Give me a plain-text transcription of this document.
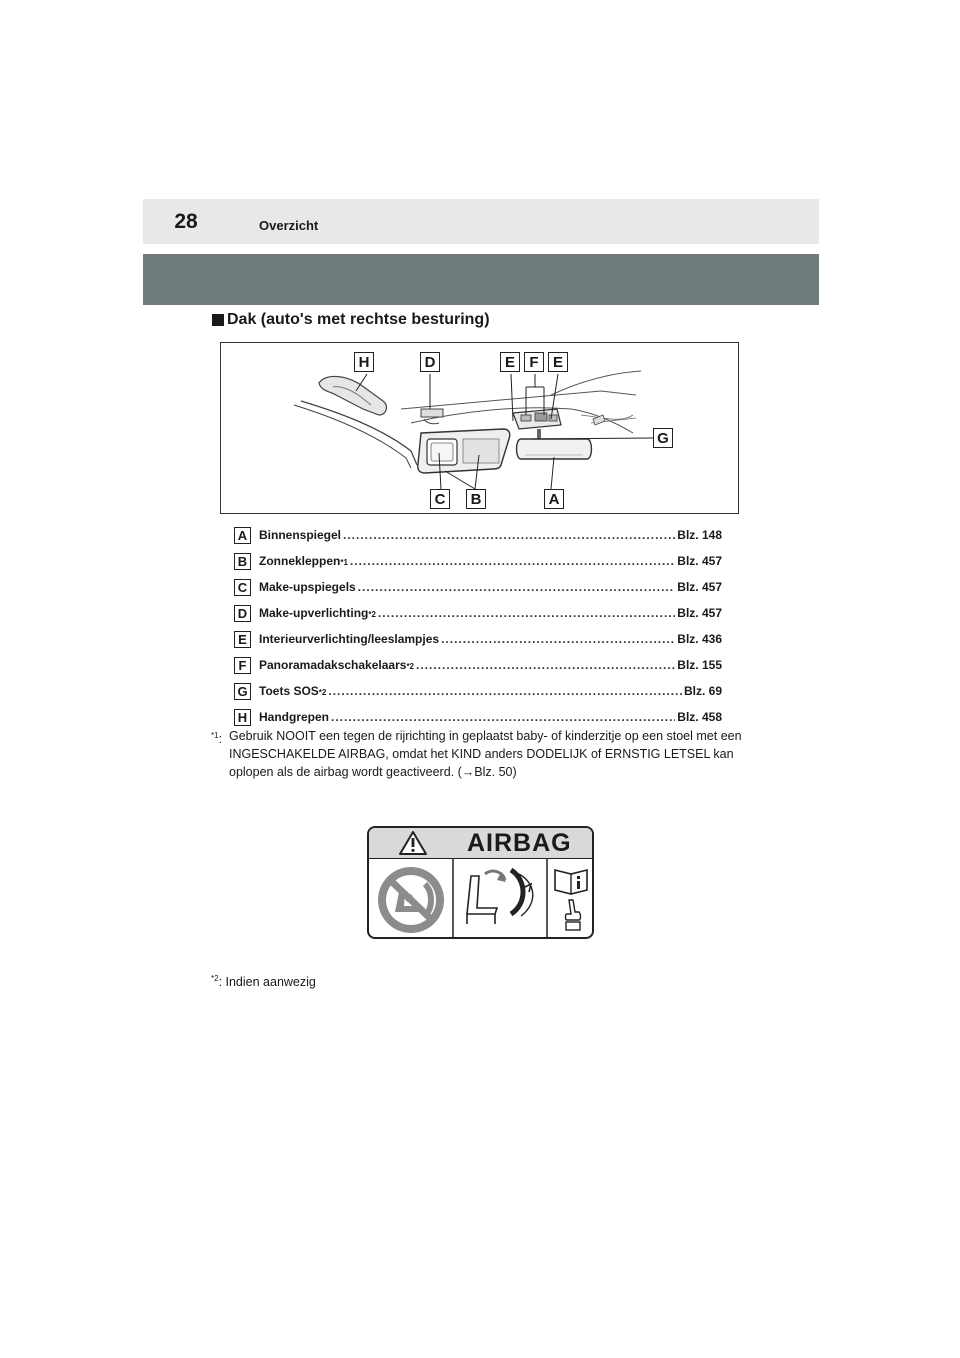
28	Overzicht
Dak (auto's met rechtse besturing)
H	D	E F E
G
C	B	A
A Binnenspiegel .....	Blz. 148
B Zonnekleppen *1 .....	Blz. 457
C Make-upspiegels .....	Blz. 457
D Make-upverlichting *2 .....	Blz. 457
E	Interieurverlichting/leeslampjes .....	Blz. 436
F	Panoramadakschakelaars *2 .....	Blz. 155
G Toets SOS *2 .....	Blz. 69
H Handgrepen .....	Blz. 458
$^{*1}$: Gebruik NOOIT een tegen de rijrichting in geplaatst baby- of kinderzitje op een stoel met een INGESCHAKELDE AIRBAG, omdat het KIND anders DODELIJK of ERNSTIG LETSEL kan oplopen als de airbag wordt geactiveerd. (→Blz. 50)
AIRBAG
$^{*2}$: Indien aanwezig
